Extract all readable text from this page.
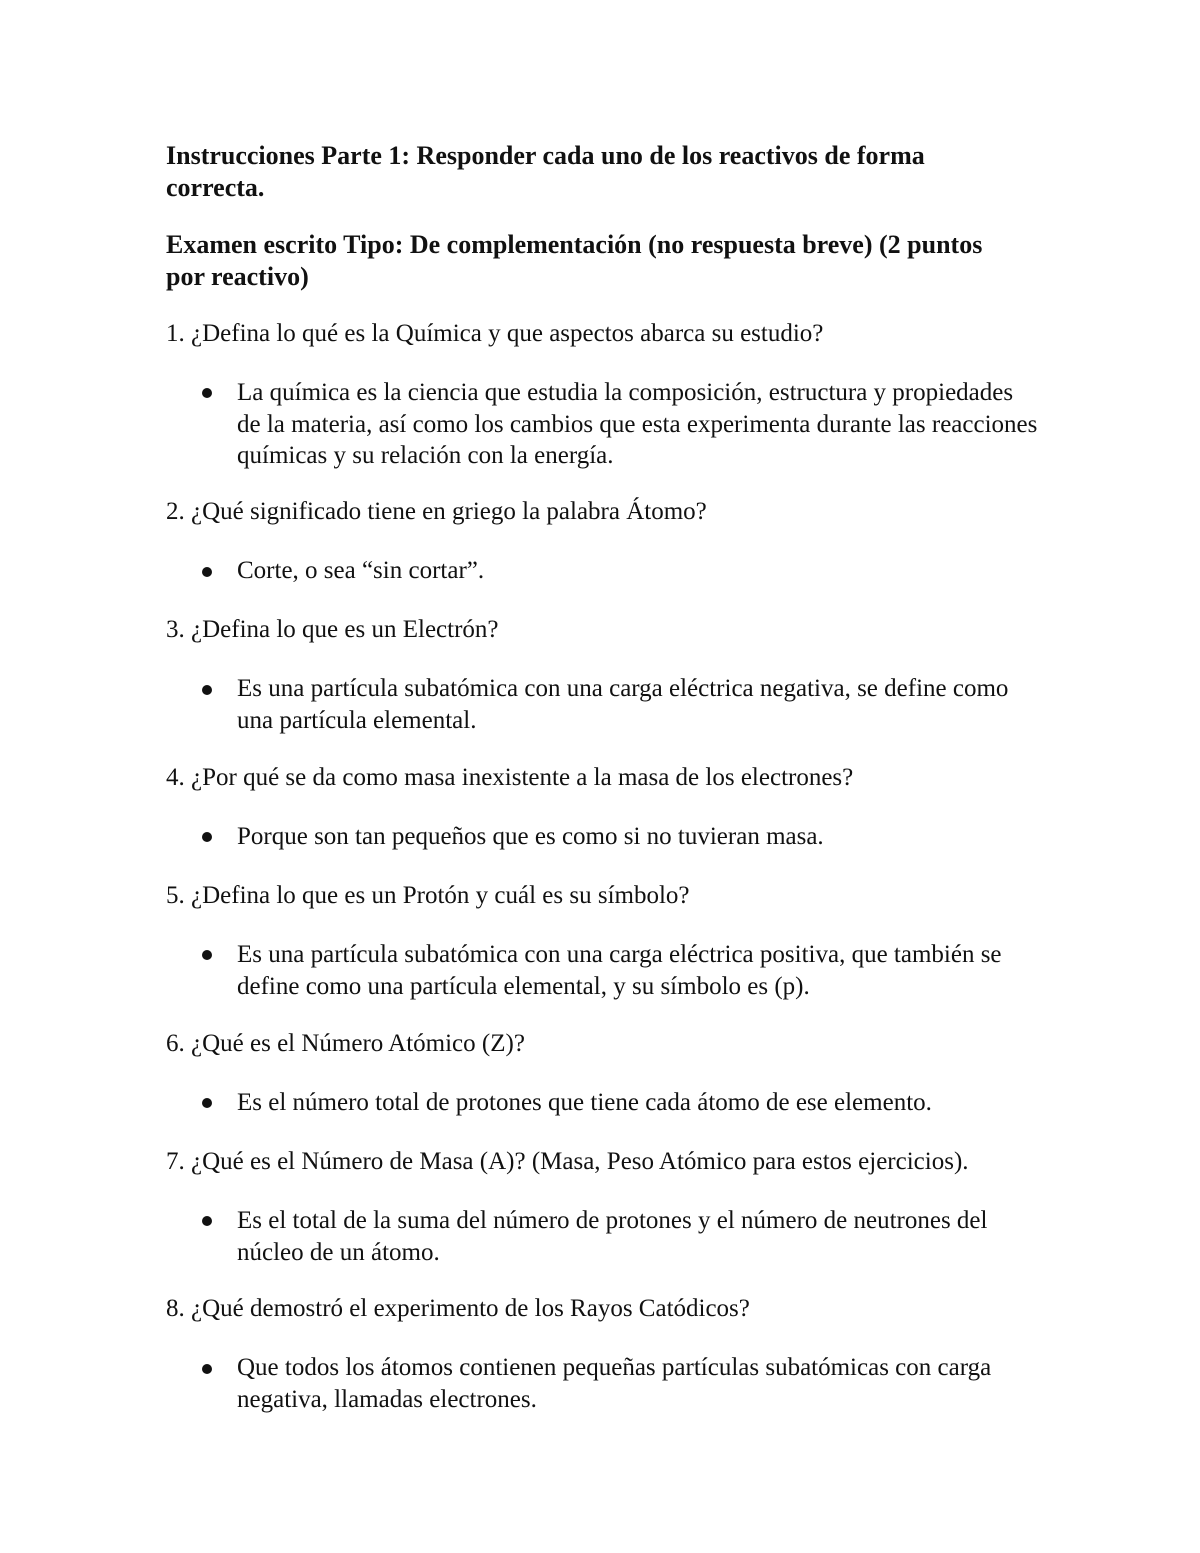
Instrucciones Parte 1: Responder cada uno de los reactivos de forma correcta.

Examen escrito Tipo: De complementación (no respuesta breve) (2 puntos por reactivo)

1. ¿Defina lo qué es la Química y que aspectos abarca su estudio?

La química es la ciencia que estudia la composición, estructura y propiedades de la materia, así como los cambios que esta experimenta durante las reacciones químicas y su relación con la energía.

2. ¿Qué significado tiene en griego la palabra Átomo?

Corte, o sea “sin cortar”.

3. ¿Defina lo que es un Electrón?

Es una partícula subatómica con una carga eléctrica negativa, se define como una partícula elemental.

4. ¿Por qué se da como masa inexistente a la masa de los electrones?

Porque son tan pequeños que es como si no tuvieran masa.

5. ¿Defina lo que es un Protón y cuál es su símbolo?

Es una partícula subatómica con una carga eléctrica positiva, que también se define como una partícula elemental, y su símbolo es (p).

6. ¿Qué es el Número Atómico (Z)?

Es el número total de protones que tiene cada átomo de ese elemento.

7. ¿Qué es el Número de Masa (A)? (Masa, Peso Atómico para estos ejercicios).

Es el total de la suma del número de protones y el número de neutrones del núcleo de un átomo.

8. ¿Qué demostró el experimento de los Rayos Catódicos?

Que todos los átomos contienen pequeñas partículas subatómicas con carga negativa, llamadas electrones.
